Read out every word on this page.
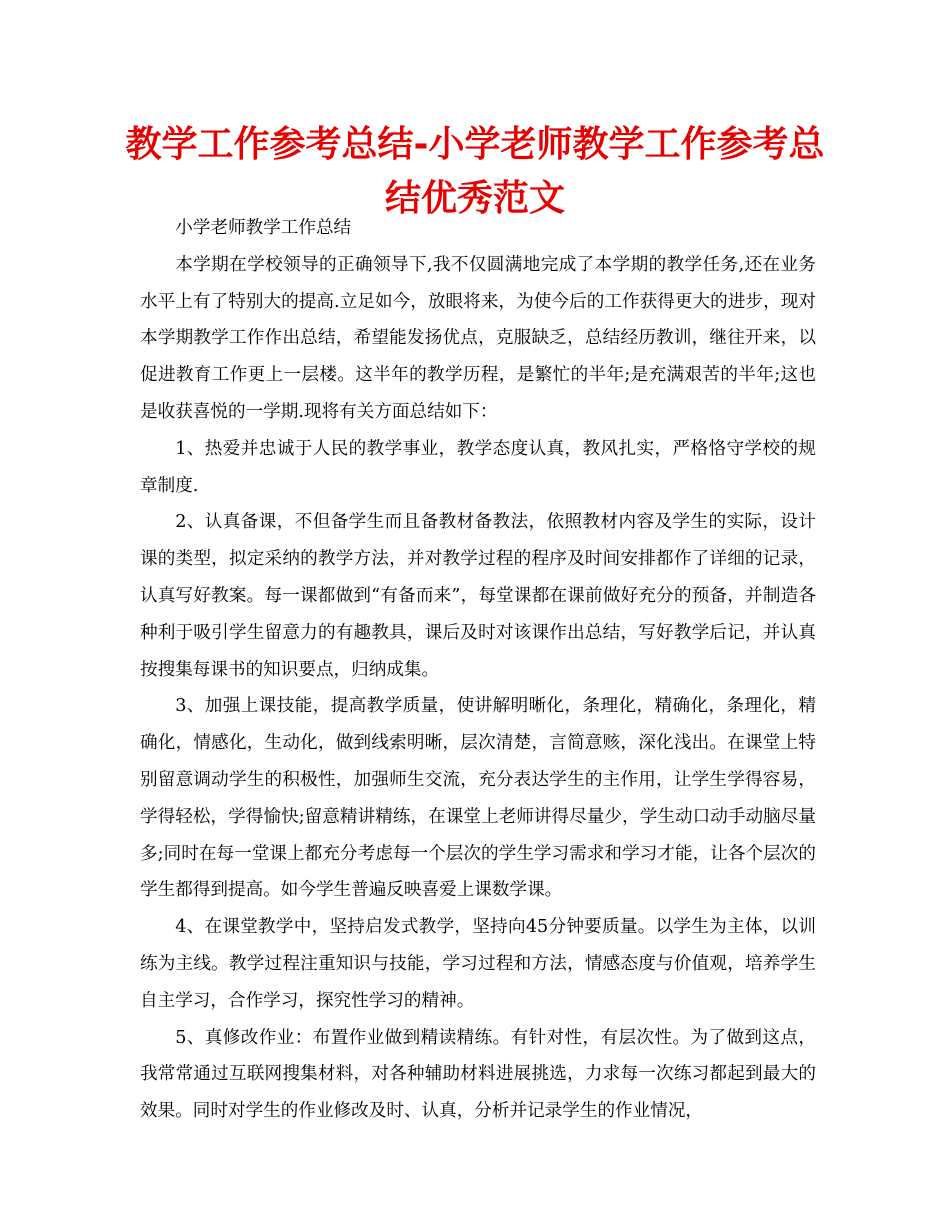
教学工作参考总结-小学老师教学工作参考总结优秀范文

小学老师教学工作总结

本学期在学校领导的正确领导下,我不仅圆满地完成了本学期的教学任务,还在业务水平上有了特别大的提高.立足如今，放眼将来，为使今后的工作获得更大的进步，现对本学期教学工作作出总结，希望能发扬优点，克服缺乏，总结经历教训，继往开来，以促进教育工作更上一层楼。这半年的教学历程，是繁忙的半年;是充满艰苦的半年;这也是收获喜悦的一学期.现将有关方面总结如下：

1、热爱并忠诚于人民的教学事业，教学态度认真，教风扎实，严格恪守学校的规章制度.

2、认真备课，不但备学生而且备教材备教法，依照教材内容及学生的实际，设计课的类型，拟定采纳的教学方法，并对教学过程的程序及时间安排都作了详细的记录，认真写好教案。每一课都做到“有备而来”，每堂课都在课前做好充分的预备，并制造各种利于吸引学生留意力的有趣教具，课后及时对该课作出总结，写好教学后记，并认真按搜集每课书的知识要点，归纳成集。

3、加强上课技能，提高教学质量，使讲解明晰化，条理化，精确化，条理化，精确化，情感化，生动化，做到线索明晰，层次清楚，言简意赅，深化浅出。在课堂上特别留意调动学生的积极性，加强师生交流，充分表达学生的主作用，让学生学得容易，学得轻松，学得愉快;留意精讲精练，在课堂上老师讲得尽量少，学生动口动手动脑尽量多;同时在每一堂课上都充分考虑每一个层次的学生学习需求和学习才能，让各个层次的学生都得到提高。如今学生普遍反映喜爱上课数学课。

4、在课堂教学中，坚持启发式教学，坚持向45分钟要质量。以学生为主体，以训练为主线。教学过程注重知识与技能，学习过程和方法，情感态度与价值观，培养学生自主学习，合作学习，探究性学习的精神。

5、真修改作业：布置作业做到精读精练。有针对性，有层次性。为了做到这点，我常常通过互联网搜集材料，对各种辅助材料进展挑选，力求每一次练习都起到最大的效果。同时对学生的作业修改及时、认真，分析并记录学生的作业情况，
